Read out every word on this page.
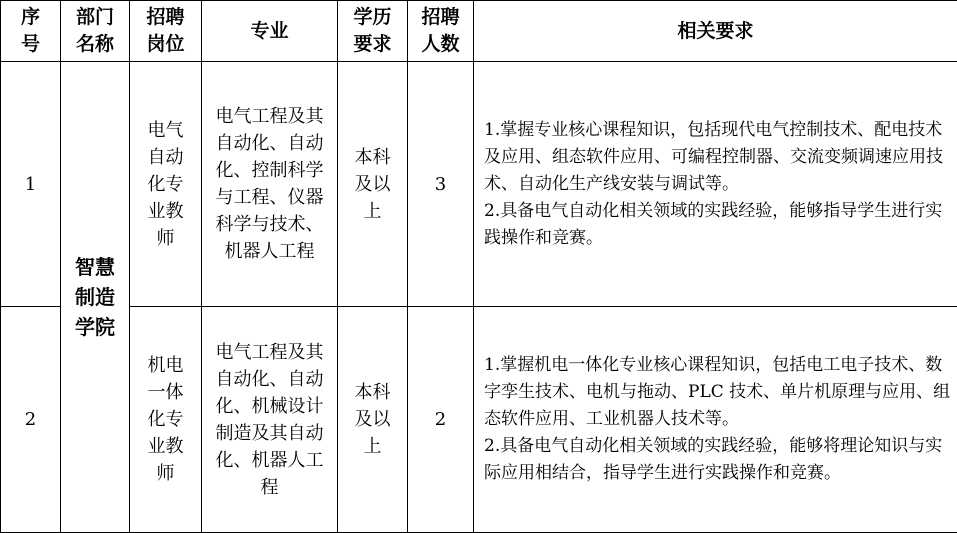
序号	部门名称	招聘岗位	专业	学历要求	招聘人数	相关要求
1	智慧制造学院	电气自动化专业教师	电气工程及其自动化、自动化、控制科学与工程、仪器科学与技术、机器人工程	本科及以上	3	1.掌握专业核心课程知识，包括现代电气控制技术、配电技术及应用、组态软件应用、可编程控制器、交流变频调速应用技术、自动化生产线安装与调试等。

2.具备电气自动化相关领域的实践经验，能够指导学生进行实践操作和竞赛。

2		机电一体化专业教师	电气工程及其自动化、自动化、机械设计制造及其自动化、机器人工程	本科及以上	2	1.掌握机电一体化专业核心课程知识，包括电工电子技术、数字孪生技术、电机与拖动、PLC 技术、单片机原理与应用、组态软件应用、工业机器人技术等。

2.具备电气自动化相关领域的实践经验，能够将理论知识与实际应用相结合，指导学生进行实践操作和竞赛。
